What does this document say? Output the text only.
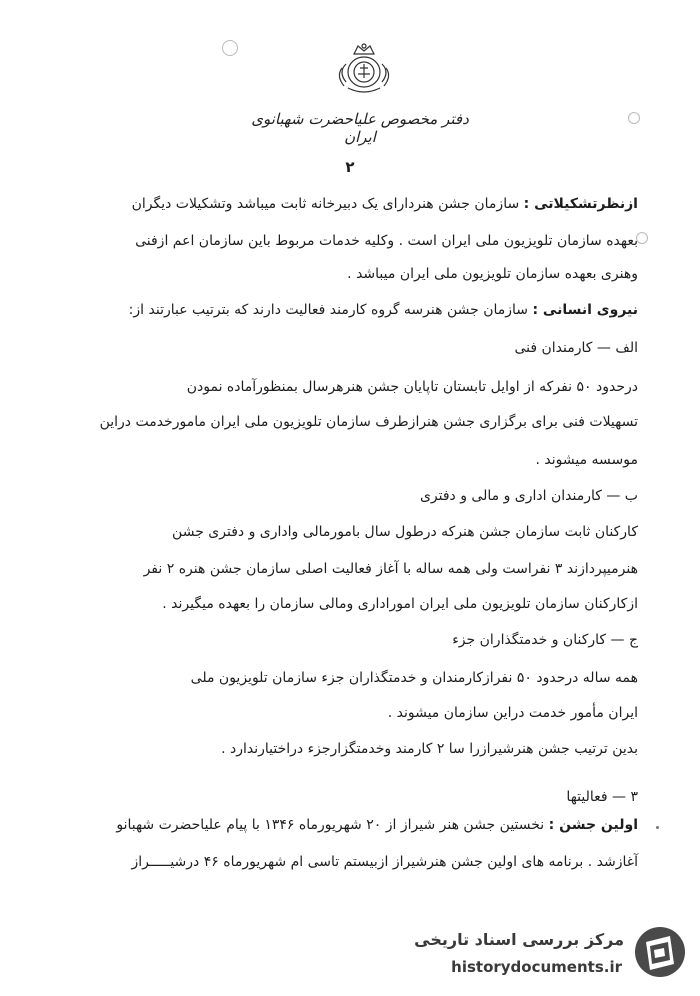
دفتر مخصوص علیاحضرت شهبانوی ایران
۲
ازنظرتشکیلاتی : سازمان جشن هنردارای یک دبیرخانه ثابت میباشد وتشکیلات دیگران
بعهده سازمان تلویزیون ملی ایران است . وکلیه خدمات مربوط باین سازمان اعم ازفنی
وهنری بعهده سازمان تلویزیون ملی ایران میباشد .
نیروی انسانی : سازمان جشن هنرسه گروه کارمند فعالیت دارند که بترتیب عبارتند از:
الف — کارمندان فنی
درحدود ۵۰ نفرکه از اوایل تابستان تاپایان جشن هنرهرسال بمنظورآماده نمودن
تسهیلات فنی برای برگزاری جشن هنرازطرف سازمان تلویزیون ملی ایران مامورخدمت دراین
موسسه میشوند .
ب — کارمندان اداری و مالی و دفتری
کارکنان ثابت سازمان جشن هنرکه درطول سال بامورمالی واداری و دفتری جشن
هنرمیپردازند ۳ نفراست ولی همه ساله با آغاز فعالیت اصلی سازمان جشن هنره ۲ نفر
ازکارکنان سازمان تلویزیون ملی ایران اموراداری ومالی سازمان را بعهده میگیرند .
ج — کارکنان و خدمتگذاران جزء
همه ساله درحدود ۵۰ نفرازکارمندان و خدمتگذاران جزء سازمان تلویزیون ملی
ایران مأمور خدمت دراین سازمان میشوند .
بدین ترتیب جشن هنرشیرازرا سا ۲ کارمند وخدمتگزارجزء دراختیارندارد .
۳ — فعالیتها
اولین جشن : نخستین جشن هنر شیراز از ۲۰ شهریورماه ۱۳۴۶ با پیام علیاحضرت شهبانو
آغازشد . برنامه های اولین جشن هنرشیراز ازبیستم تاسی ام شهریورماه ۴۶ درشیـــــراز
مرکز بررسی اسناد تاریخی
historydocuments.ir
